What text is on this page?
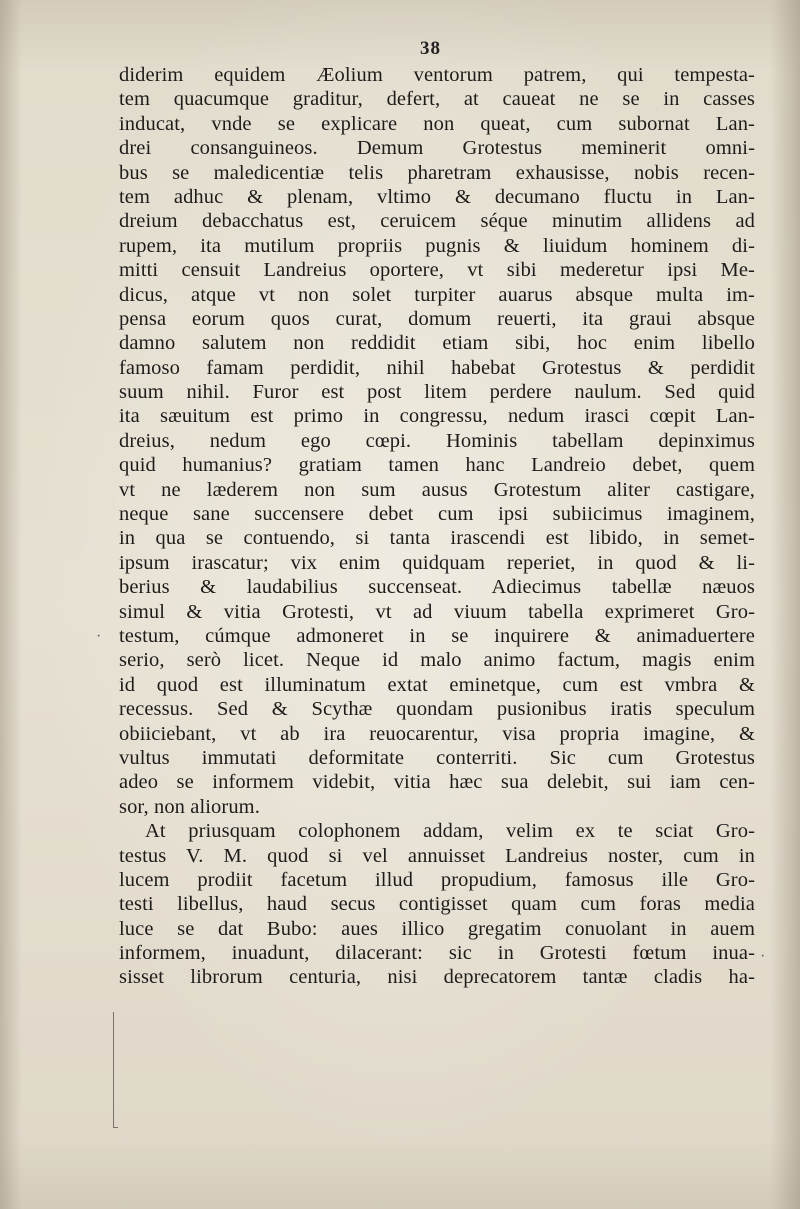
38
diderim equidem Æolium ventorum patrem, qui tempesta-
tem quacumque graditur, defert, at caueat ne se in casses
inducat, vnde se explicare non queat, cum subornat Lan-
drei consanguineos. Demum Grotestus meminerit omni-
bus se maledicentiæ telis pharetram exhausisse, nobis recen-
tem adhuc & plenam, vltimo & decumano fluctu in Lan-
dreium debacchatus est, ceruicem séque minutim allidens ad
rupem, ita mutilum propriis pugnis & liuidum hominem di-
mitti censuit Landreius oportere, vt sibi mederetur ipsi Me-
dicus, atque vt non solet turpiter auarus absque multa im-
pensa eorum quos curat, domum reuerti, ita graui absque
damno salutem non reddidit etiam sibi, hoc enim libello
famoso famam perdidit, nihil habebat Grotestus & perdidit
suum nihil. Furor est post litem perdere naulum. Sed quid
ita sæuitum est primo in congressu, nedum irasci cœpit Lan-
dreius, nedum ego cœpi. Hominis tabellam depinximus
quid humanius? gratiam tamen hanc Landreio debet, quem
vt ne læderem non sum ausus Grotestum aliter castigare,
neque sane succensere debet cum ipsi subiicimus imaginem,
in qua se contuendo, si tanta irascendi est libido, in semet-
ipsum irascatur; vix enim quidquam reperiet, in quod & li-
berius & laudabilius succenseat. Adiecimus tabellæ næuos
simul & vitia Grotesti, vt ad viuum tabella exprimeret Gro-
testum, cúmque admoneret in se inquirere & animaduertere
serio, serò licet. Neque id malo animo factum, magis enim
id quod est illuminatum extat eminetque, cum est vmbra &
recessus. Sed & Scythæ quondam pusionibus iratis speculum
obiiciebant, vt ab ira reuocarentur, visa propria imagine, &
vultus immutati deformitate conterriti. Sic cum Grotestus
adeo se informem videbit, vitia hæc sua delebit, sui iam cen-
sor, non aliorum.
At priusquam colophonem addam, velim ex te sciat Gro-
testus V. M. quod si vel annuisset Landreius noster, cum in
lucem prodiit facetum illud propudium, famosus ille Gro-
testi libellus, haud secus contigisset quam cum foras media
luce se dat Bubo: aues illico gregatim conuolant in auem
informem, inuadunt, dilacerant: sic in Grotesti fœtum inua-
sisset librorum centuria, nisi deprecatorem tantæ cladis ha-
·
·
